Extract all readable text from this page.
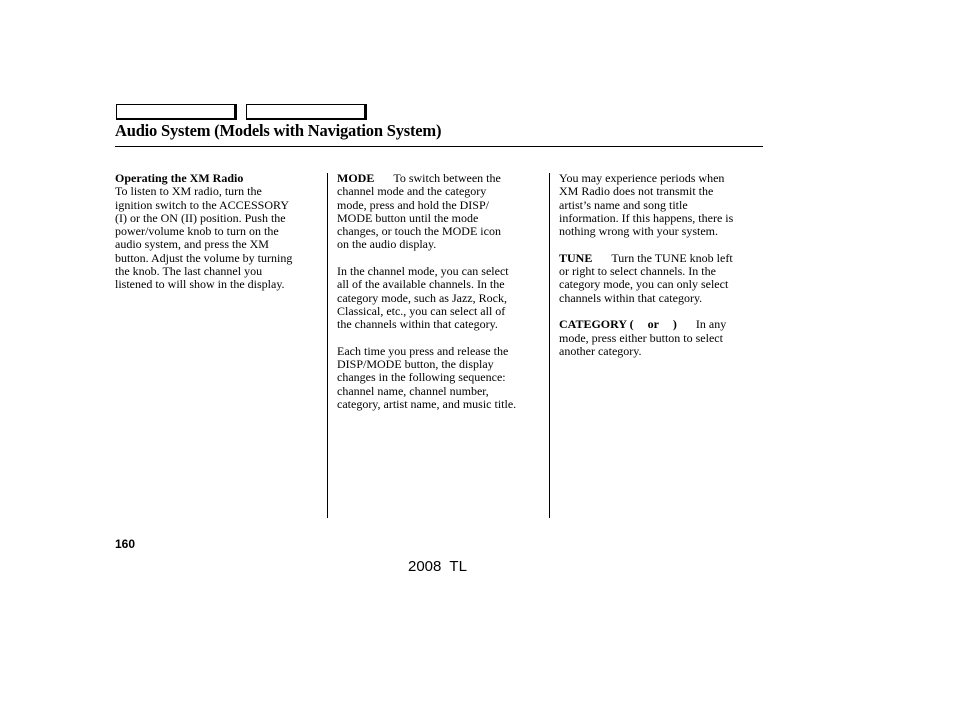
Audio System (Models with Navigation System)

Operating the XM Radio
To listen to XM radio, turn the
ignition switch to the ACCESSORY
(I) or the ON (II) position. Push the
power/volume knob to turn on the
audio system, and press the XM
button. Adjust the volume by turning
the knob. The last channel you
listened to will show in the display.

MODE To switch between the
channel mode and the category
mode, press and hold the DISP/
MODE button until the mode
changes, or touch the MODE icon
on the audio display.

In the channel mode, you can select
all of the available channels. In the
category mode, such as Jazz, Rock,
Classical, etc., you can select all of
the channels within that category.

Each time you press and release the
DISP/MODE button, the display
changes in the following sequence:
channel name, channel number,
category, artist name, and music title.

You may experience periods when
XM Radio does not transmit the
artist’s name and song title
information. If this happens, there is
nothing wrong with your system.

TUNE Turn the TUNE knob left
or right to select channels. In the
category mode, you can only select
channels within that category.

CATEGORY ( or ) In any
mode, press either button to select
another category.

160
2008  TL
